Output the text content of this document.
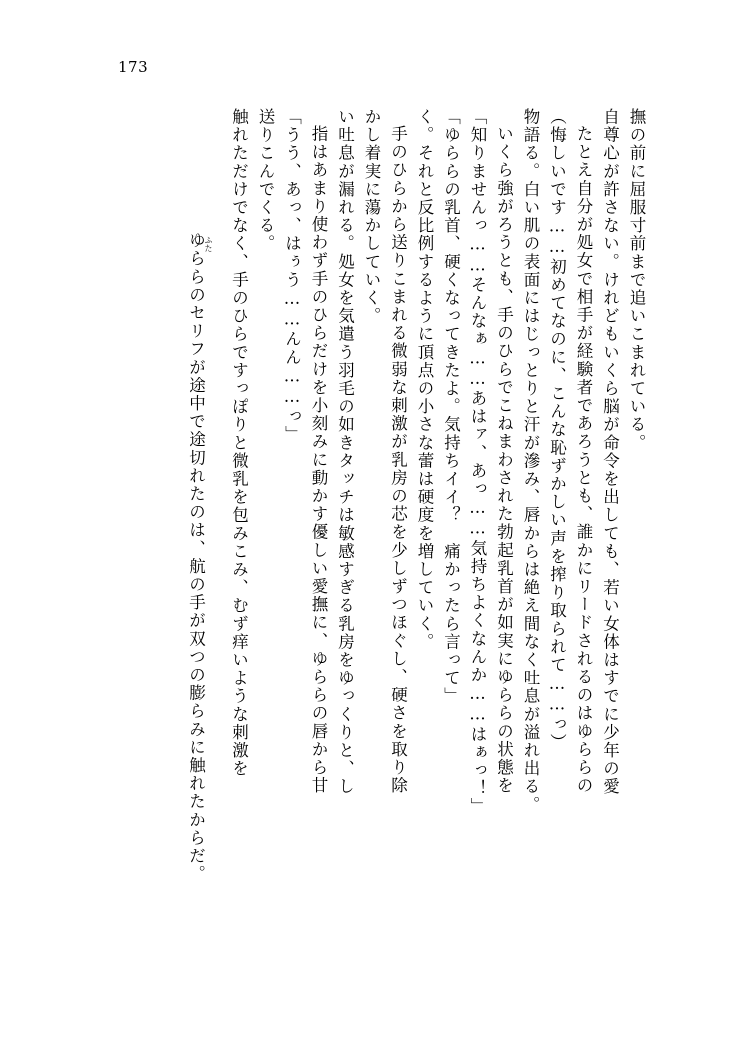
173

ゆららのセリフが途中で途切れたのは、航の手が双つの膨らみに触れたからだ。

ふた

触れただけでなく、手のひらですっぽりと微乳を包みこみ、むず痒いような刺激を 送りこんでくる。 「うう、あっ、はぅう……んん……っ」 指はあまり使わず手のひらだけを小刻みに動かす優しい愛撫に、ゆららの唇から甘 い吐息が漏れる。処女を気遣う羽毛の如きタッチは敏感すぎる乳房をゆっくりと、し かし着実に蕩かしていく。 手のひらから送りこまれる微弱な刺激が乳房の芯を少しずつほぐし、硬さを取り除 く。それと反比例するように頂点の小さな蕾は硬度を増していく。 「ゆららの乳首、硬くなってきたよ。気持ちイイ？　痛かったら言って」 「知りませんっ……そんなぁ……あはァ、あっ……気持ちよくなんか……はぁっ！」 いくら強がろうとも、手のひらでこねまわされた勃起乳首が如実にゆららの状態を 物語る。白い肌の表面にはじっとりと汗が滲み、唇からは絶え間なく吐息が溢れ出る。 （悔しいです……初めてなのに、こんな恥ずかしい声を搾り取られて……っ） たとえ自分が処女で相手が経験者であろうとも、誰かにリードされるのはゆららの 自尊心が許さない。けれどもいくら脳が命令を出しても、若い女体はすでに少年の愛 撫の前に屈服寸前まで追いこまれている。
